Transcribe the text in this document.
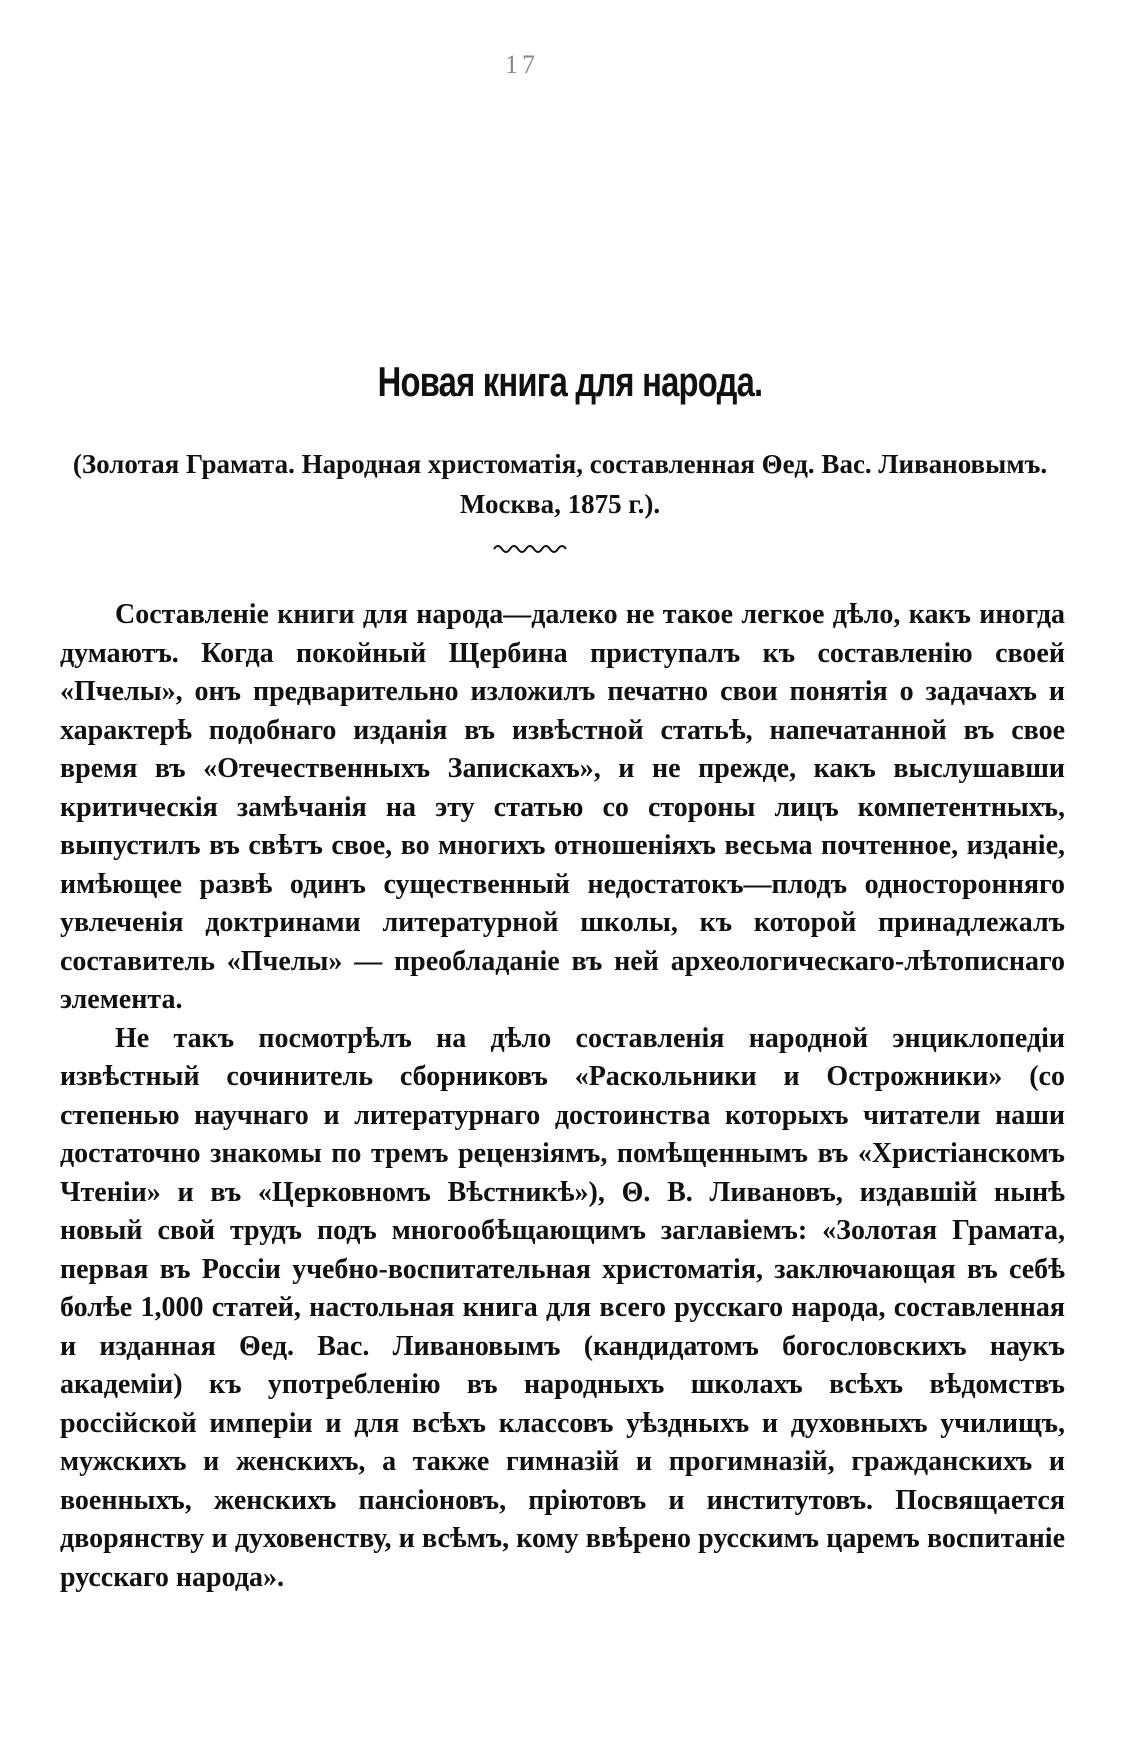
17
Новая книга для народа.
(Золотая Грамата. Народная христоматія, составленная Θед. Вас. Ливановымъ. Москва, 1875 г.).

Составленіе книги для народа—далеко не такое легкое дѣло, какъ иногда думаютъ. Когда покойный Щербина приступалъ къ составленію своей «Пчелы», онъ предварительно изложилъ печатно свои понятія о задачахъ и характерѣ подобнаго изданія въ извѣстной статьѣ, напечатанной въ свое время въ «Отечественныхъ Запискахъ», и не прежде, какъ выслушавши критическія замѣчанія на эту статью со стороны лицъ компетентныхъ, выпустилъ въ свѣтъ свое, во многихъ отношеніяхъ весьма почтенное, изданіе, имѣющее развѣ одинъ существенный недостатокъ—плодъ односторонняго увлеченія доктринами литературной школы, къ которой принадлежалъ составитель «Пчелы» — преобладаніе въ ней археологическаго-лѣтописнаго элемента.

Не такъ посмотрѣлъ на дѣло составленія народной энциклопедіи извѣстный сочинитель сборниковъ «Раскольники и Острожники» (со степенью научнаго и литературнаго достоинства которыхъ читатели наши достаточно знакомы по тремъ рецензіямъ, помѣщеннымъ въ «Христіанскомъ Чтеніи» и въ «Церковномъ Вѣстникѣ»), Θ. В. Ливановъ, издавшій нынѣ новый свой трудъ подъ многообѣщающимъ заглавіемъ: «Золотая Грамата, первая въ Россіи учебно-воспитательная христоматія, заключающая въ себѣ болѣе 1,000 статей, настольная книга для всего русскаго народа, составленная и изданная Θед. Вас. Ливановымъ (кандидатомъ богословскихъ наукъ академіи) къ употребленію въ народныхъ школахъ всѣхъ вѣдомствъ россійской имперіи и для всѣхъ классовъ уѣздныхъ и духовныхъ училищъ, мужскихъ и женскихъ, а также гимназій и прогимназій, гражданскихъ и военныхъ, женскихъ пансіоновъ, пріютовъ и институтовъ. Посвящается дворянству и духовенству, и всѣмъ, кому ввѣрено русскимъ царемъ воспитаніе русскаго народа».
